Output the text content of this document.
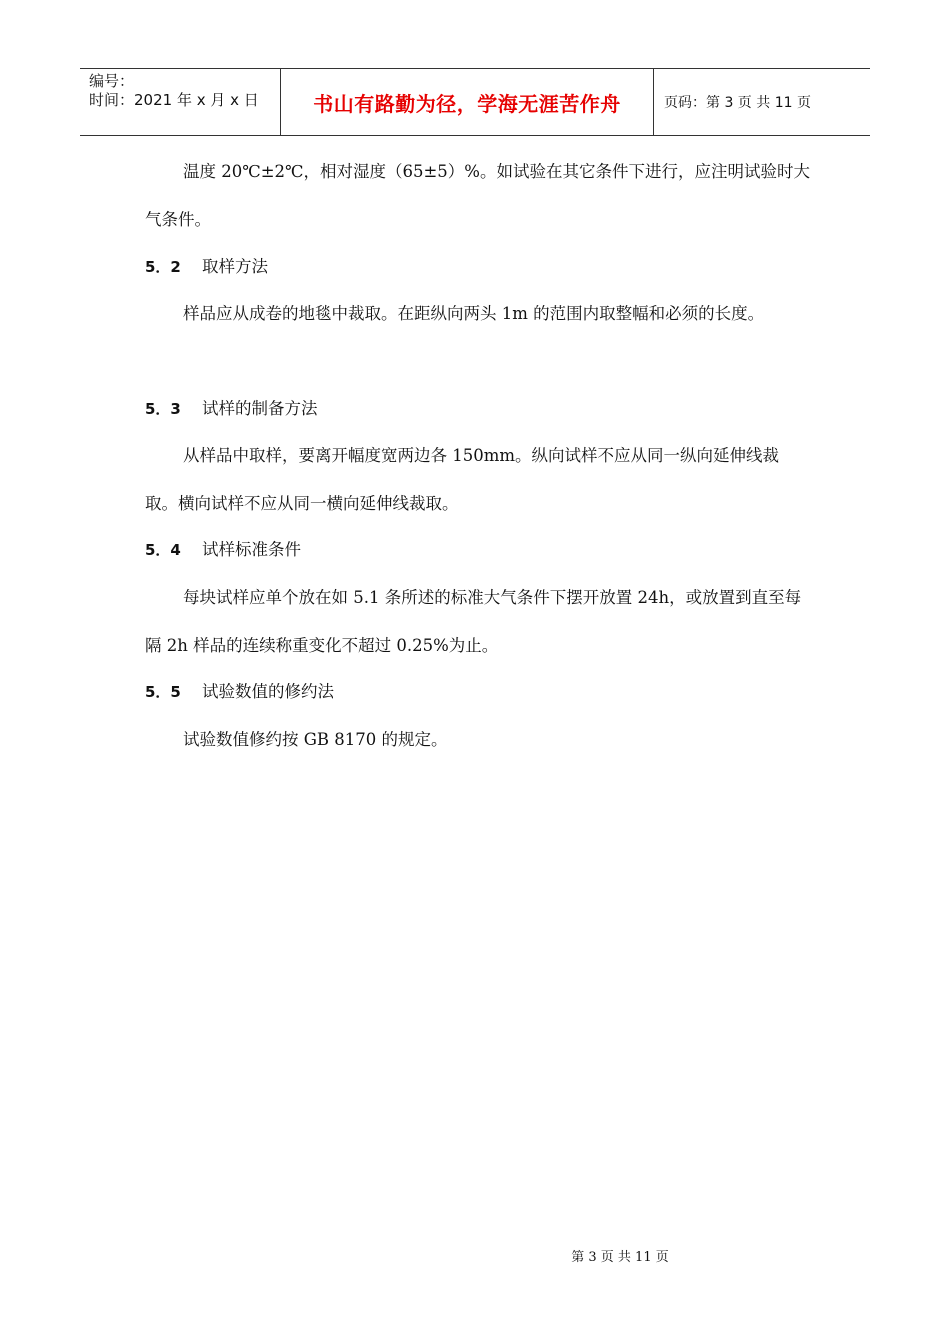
编号：
时间：2021 年 x 月 x 日	书山有路勤为径，学海无涯苦作舟	页码：第 3 页 共 11 页

温度 20℃±2℃，相对湿度（65±5）%。如试验在其它条件下进行，应注明试验时大气条件。

5．2 取样方法

样品应从成卷的地毯中裁取。在距纵向两头 1m 的范围内取整幅和必须的长度。

5．3 试样的制备方法

从样品中取样，要离开幅度宽两边各 150mm。纵向试样不应从同一纵向延伸线裁取。横向试样不应从同一横向延伸线裁取。

5．4 试样标准条件

每块试样应单个放在如 5.1 条所述的标准大气条件下摆开放置 24h，或放置到直至每隔 2h 样品的连续称重变化不超过 0.25%为止。

5．5 试验数值的修约法

试验数值修约按 GB 8170 的规定。

第 3 页 共 11 页
